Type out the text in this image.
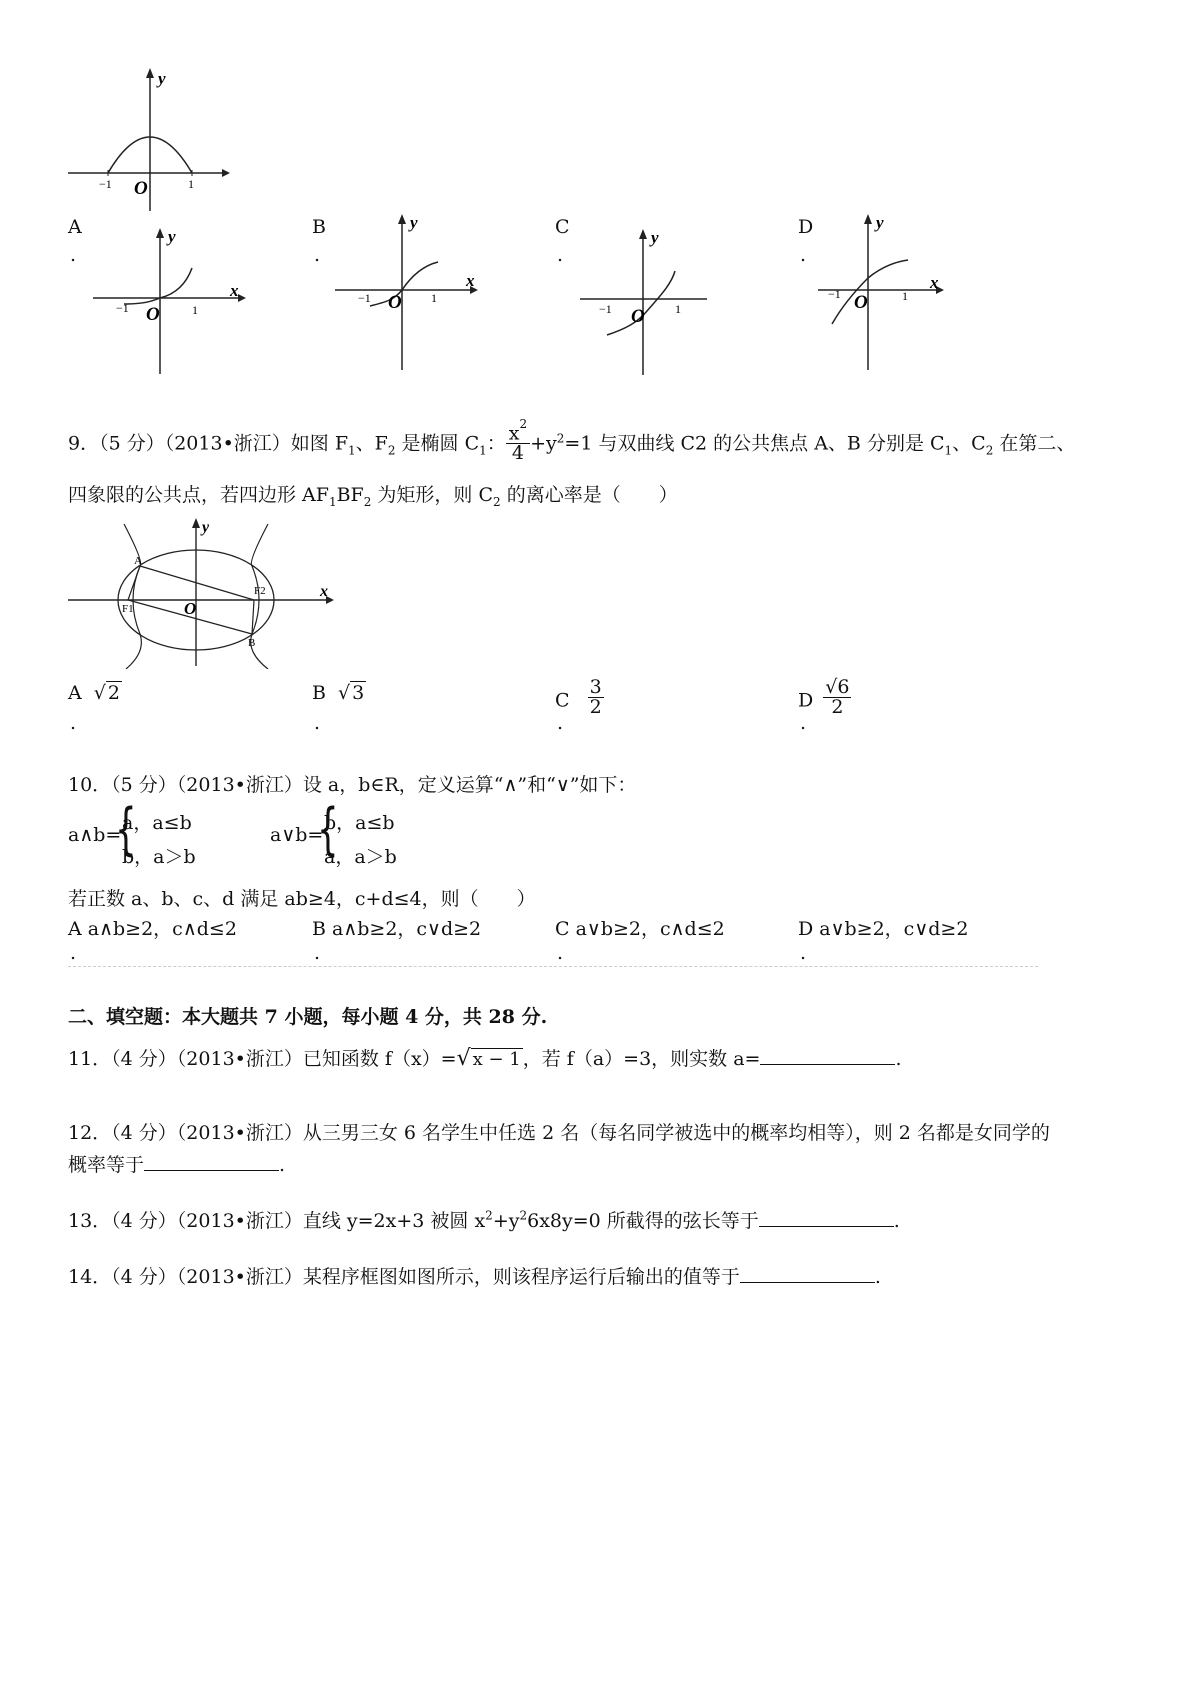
y
O
−1	1
A
.
y
x
O
−1	1
B
.
y
x
O
−1	1
C
.
y
O
−1	1
D
.
y
x
O
−1	1
9．（5 分）（2013•浙江）如图 $F_1$、$F_2$ 是椭圆 $C_1$： $\frac{x^2}{4} +y^2=1$ 与双曲线 C2 的公共焦点 A、B 分别是 $C_1$、$C_2$ 在第二、
四象限的公共点，若四边形 $AF_1BF_2$ 为矩形，则 $C_2$ 的离心率是（　　）
y
x
O
A
B
F1
F2
A √ 2
.
B √ 3
.
C $\frac{3}{2}$
.
D $\frac{√6}{2}$
.
10．（5 分）（2013•浙江）设 a，b∈R，定义运算“∧”和“∨”如下：
a∧b=
{
a，a≤b
b，a＞b
a∨b=
{
b，a≤b
a，a＞b
若正数 a、b、c、d 满足 ab≥4，c+d≤4，则（　　）
A a∧b≥2，c∧d≤2
.
B a∧b≥2，c∨d≥2
.
C a∨b≥2，c∧d≤2
.
D a∨b≥2，c∨d≥2
.
二、填空题：本大题共 7 小题，每小题 4 分，共 28 分.
11．（4 分）（2013•浙江）已知函数 f（x）=√ x − 1 ，若 f（a）=3，则实数 a=	.
12．（4 分）（2013•浙江）从三男三女 6 名学生中任选 2 名（每名同学被选中的概率均相等），则 2 名都是女同学的
概率等于	.
13．（4 分）（2013•浙江）直线 y=2x+3 被圆 $x^2+y^26x8y=0$ 所截得的弦长等于	.
14．（4 分）（2013•浙江）某程序框图如图所示，则该程序运行后输出的值等于	.
